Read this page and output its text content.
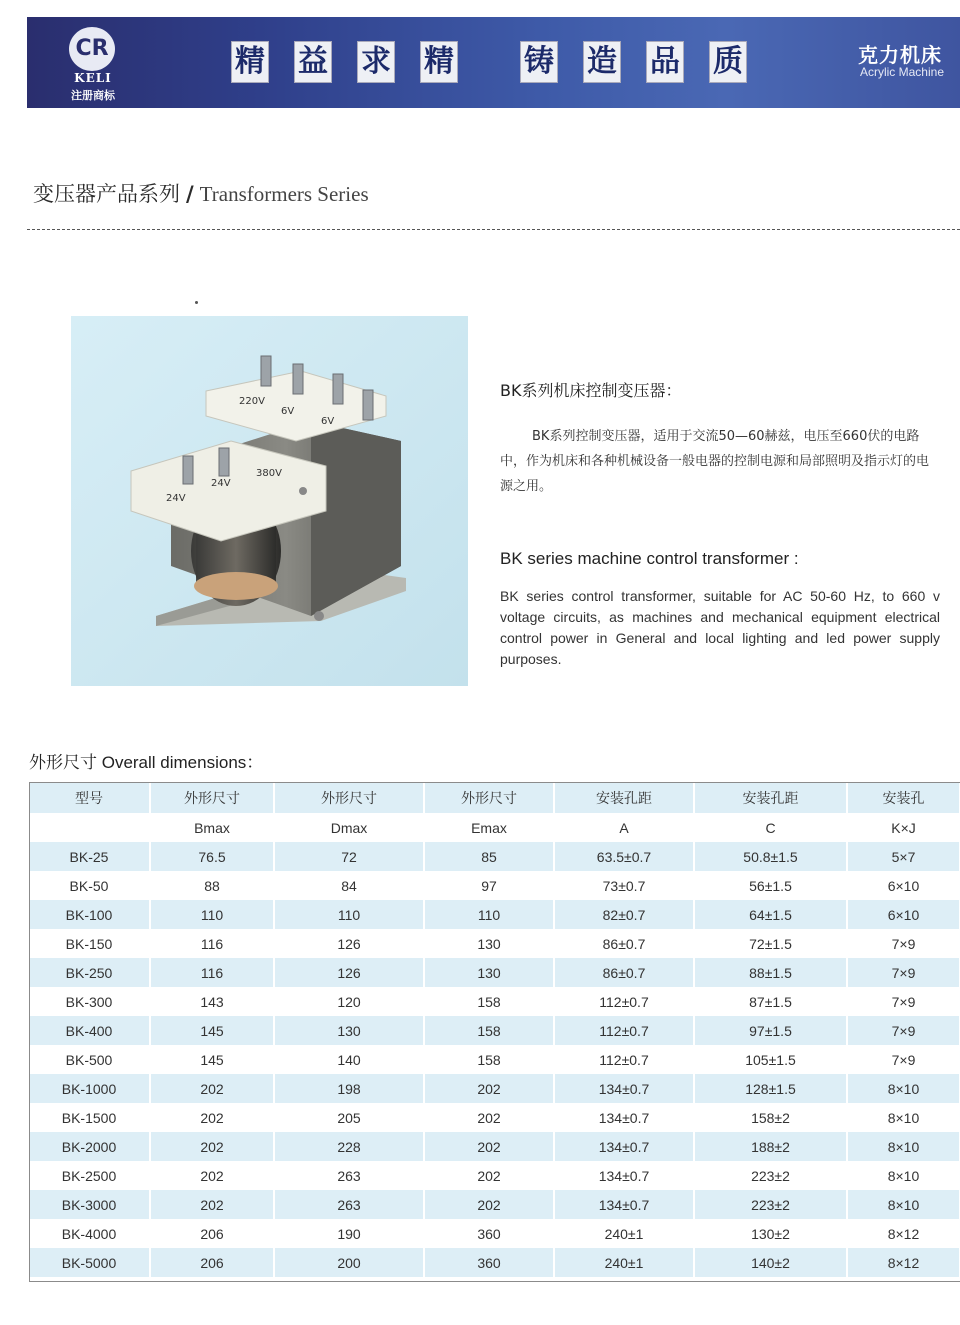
CR
KELI
注册商标
精 益 求 精 铸 造 品 质	克力机床
Acrylic Machine
变压器产品系列 / Transformers Series
220V
6V
6V
24V
380V
24V
BK系列机床控制变压器：
BK系列控制变压器，适用于交流50—60赫兹，电压至660伏的电路中，作为机床和各种机械设备一般电器的控制电源和局部照明及指示灯的电源之用。
BK series machine control transformer :
BK series control transformer, suitable for AC 50-60 Hz, to 660 v voltage circuits, as machines and mechanical equipment electrical control power in General and local lighting and led power supply purposes.
外形尺寸 Overall dimensions：
型号	外形尺寸	外形尺寸	外形尺寸	安装孔距	安装孔距	安装孔
	Bmax	Dmax	Emax	A	C	K×J
BK-25	76.5	72	85	63.5±0.7	50.8±1.5	5×7
BK-50	88	84	97	73±0.7	56±1.5	6×10
BK-100	110	110	110	82±0.7	64±1.5	6×10
BK-150	116	126	130	86±0.7	72±1.5	7×9
BK-250	116	126	130	86±0.7	88±1.5	7×9
BK-300	143	120	158	112±0.7	87±1.5	7×9
BK-400	145	130	158	112±0.7	97±1.5	7×9
BK-500	145	140	158	112±0.7	105±1.5	7×9
BK-1000	202	198	202	134±0.7	128±1.5	8×10
BK-1500	202	205	202	134±0.7	158±2	8×10
BK-2000	202	228	202	134±0.7	188±2	8×10
BK-2500	202	263	202	134±0.7	223±2	8×10
BK-3000	202	263	202	134±0.7	223±2	8×10
BK-4000	206	190	360	240±1	130±2	8×12
BK-5000	206	200	360	240±1	140±2	8×12
